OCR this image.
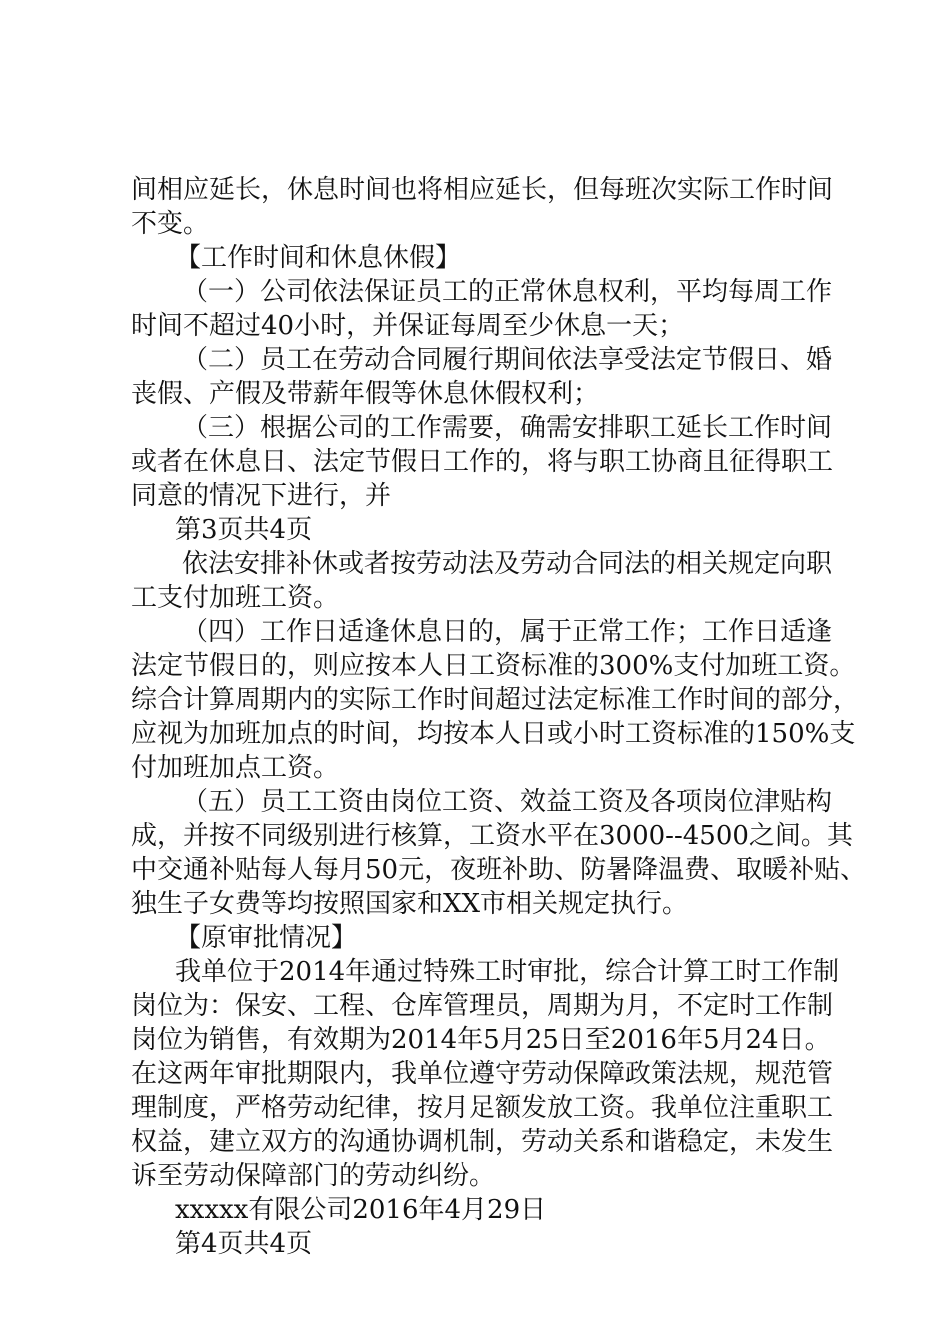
间相应延长，休息时间也将相应延长，但每班次实际工作时间
不变。
【工作时间和休息休假】
（一）公司依法保证员工的正常休息权利，平均每周工作
时间不超过40小时，并保证每周至少休息一天；
（二）员工在劳动合同履行期间依法享受法定节假日、婚
丧假、产假及带薪年假等休息休假权利；
（三）根据公司的工作需要，确需安排职工延长工作时间
或者在休息日、法定节假日工作的，将与职工协商且征得职工
同意的情况下进行，并
第3页共4页
依法安排补休或者按劳动法及劳动合同法的相关规定向职
工支付加班工资。
（四）工作日适逢休息日的，属于正常工作；工作日适逢
法定节假日的，则应按本人日工资标准的300%支付加班工资。
综合计算周期内的实际工作时间超过法定标准工作时间的部分，
应视为加班加点的时间，均按本人日或小时工资标准的150%支
付加班加点工资。
（五）员工工资由岗位工资、效益工资及各项岗位津贴构
成，并按不同级别进行核算，工资水平在3000--4500之间。其
中交通补贴每人每月50元，夜班补助、防暑降温费、取暖补贴、
独生子女费等均按照国家和XX市相关规定执行。
【原审批情况】
我单位于2014年通过特殊工时审批，综合计算工时工作制
岗位为：保安、工程、仓库管理员，周期为月，不定时工作制
岗位为销售，有效期为2014年5月25日至2016年5月24日。
在这两年审批期限内，我单位遵守劳动保障政策法规，规范管
理制度，严格劳动纪律，按月足额发放工资。我单位注重职工
权益，建立双方的沟通协调机制，劳动关系和谐稳定，未发生
诉至劳动保障部门的劳动纠纷。
xxxxx有限公司2016年4月29日
第4页共4页
